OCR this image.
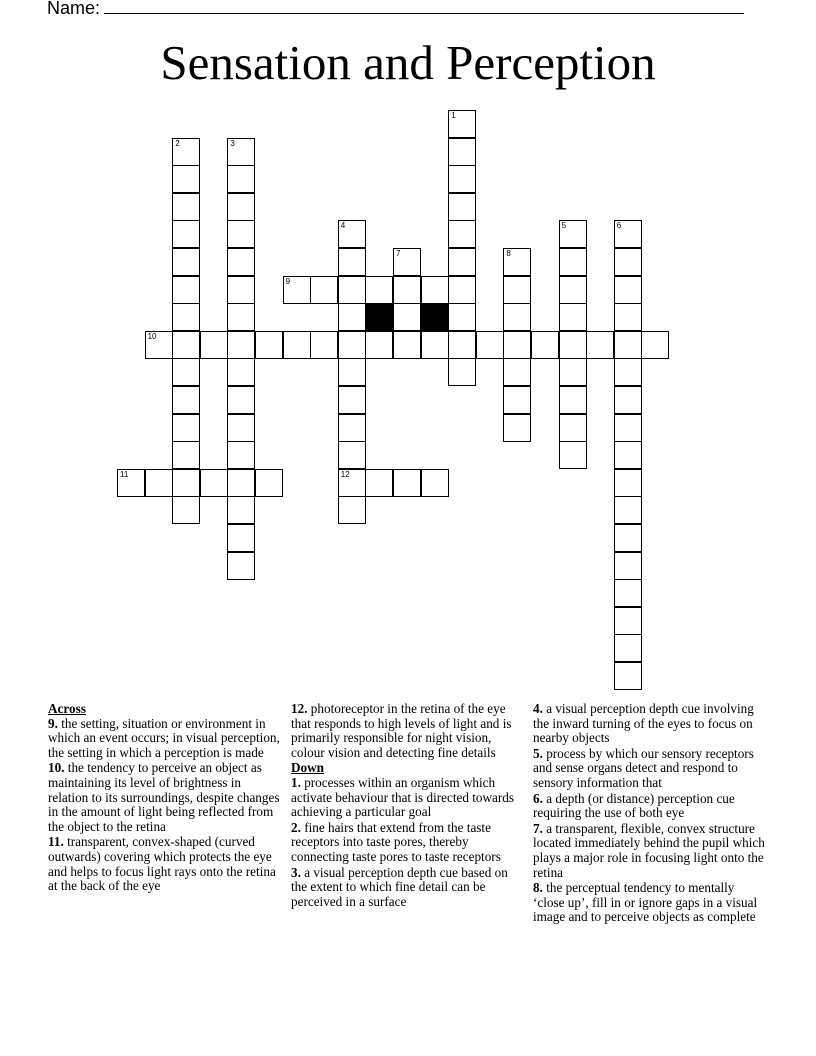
Name:
Sensation and Perception
1
2	3
4
12
5	6
7	8
9
10
11
Across
9. the setting, situation or environment in which an event occurs; in visual perception, the setting in which a perception is made
10. the tendency to perceive an object as maintaining its level of brightness in relation to its surroundings, despite changes in the amount of light being reflected from the object to the retina
11. transparent, convex-shaped (curved outwards) covering which protects the eye and helps to focus light rays onto the retina at the back of the eye
12. photoreceptor in the retina of the eye that responds to high levels of light and is primarily responsible for night vision, colour vision and detecting fine details
Down
1. processes within an organism which activate behaviour that is directed towards achieving a particular goal
2. fine hairs that extend from the taste receptors into taste pores, thereby connecting taste pores to taste receptors
3. a visual perception depth cue based on the extent to which fine detail can be perceived in a surface
4. a visual perception depth cue involving the inward turning of the eyes to focus on nearby objects
5. process by which our sensory receptors and sense organs detect and respond to sensory information that
6. a depth (or distance) perception cue requiring the use of both eye
7. a transparent, flexible, convex structure located immediately behind the pupil which plays a major role in focusing light onto the retina
8. the perceptual tendency to mentally ‘close up’, fill in or ignore gaps in a visual image and to perceive objects as complete
